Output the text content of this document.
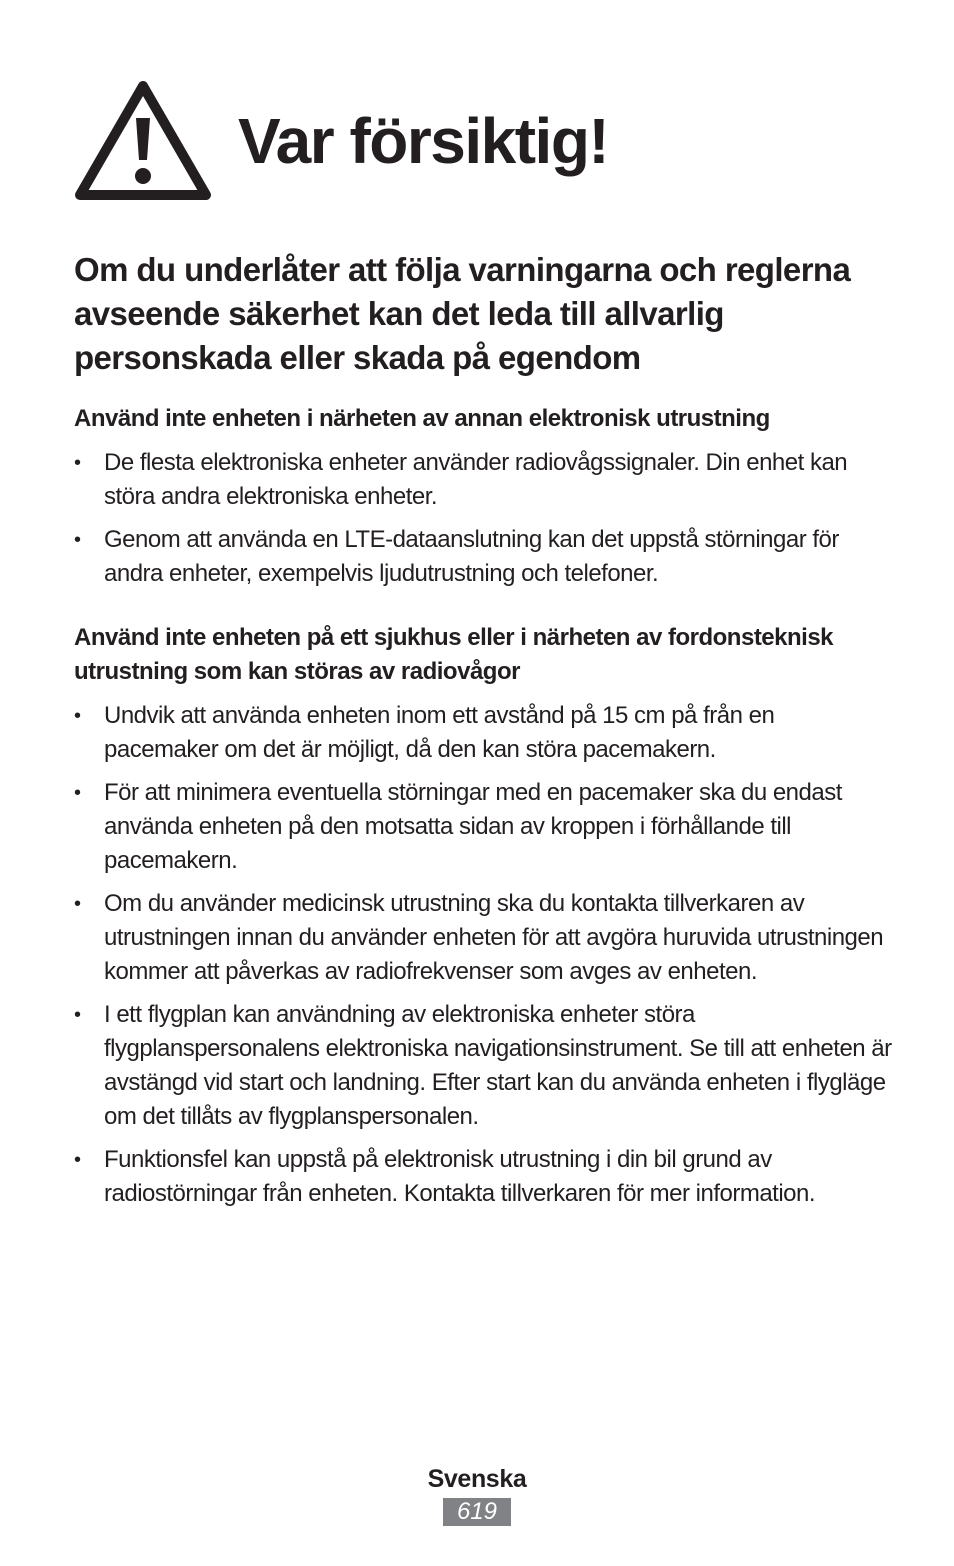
Var försiktig!

Om du underlåter att följa varningarna och reglerna avseende säkerhet kan det leda till allvarlig personskada eller skada på egendom

Använd inte enheten i närheten av annan elektronisk utrustning
• De flesta elektroniska enheter använder radiovågssignaler. Din enhet kan störa andra elektroniska enheter.
• Genom att använda en LTE-dataanslutning kan det uppstå störningar för andra enheter, exempelvis ljudutrustning och telefoner.
Använd inte enheten på ett sjukhus eller i närheten av fordonsteknisk utrustning som kan störas av radiovågor
• Undvik att använda enheten inom ett avstånd på 15 cm på från en pacemaker om det är möjligt, då den kan störa pacemakern.
• För att minimera eventuella störningar med en pacemaker ska du endast använda enheten på den motsatta sidan av kroppen i förhållande till pacemakern.
• Om du använder medicinsk utrustning ska du kontakta tillverkaren av utrustningen innan du använder enheten för att avgöra huruvida utrustningen kommer att påverkas av radiofrekvenser som avges av enheten.
• I ett flygplan kan användning av elektroniska enheter störa flygplanspersonalens elektroniska navigationsinstrument. Se till att enheten är avstängd vid start och landning. Efter start kan du använda enheten i flygläge om det tillåts av flygplanspersonalen.
• Funktionsfel kan uppstå på elektronisk utrustning i din bil grund av radiostörningar från enheten. Kontakta tillverkaren för mer information.
Svenska
619
